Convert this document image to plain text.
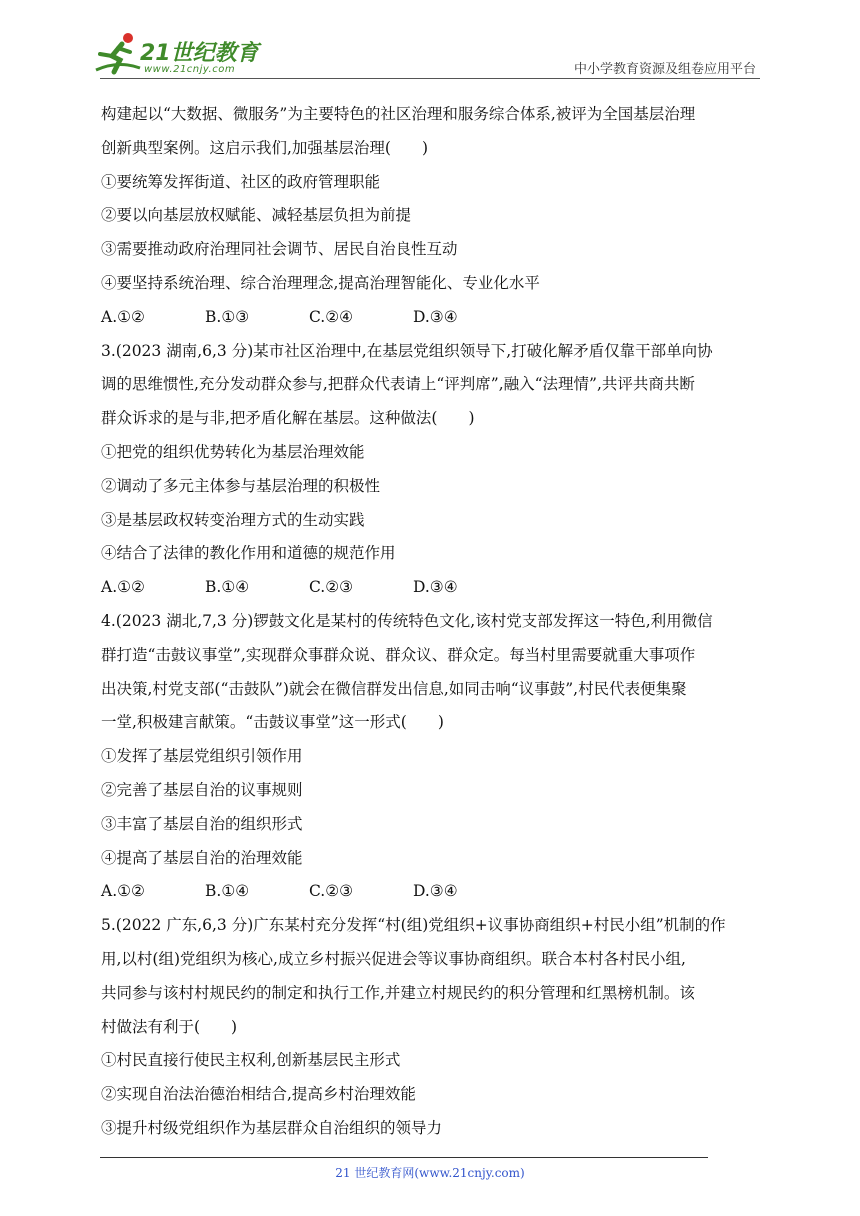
21世纪教育
www.21cnjy.com	中小学教育资源及组卷应用平台
构建起以“大数据、微服务”为主要特色的社区治理和服务综合体系,被评为全国基层治理
创新典型案例。这启示我们,加强基层治理(　　)
①要统筹发挥街道、社区的政府管理职能
②要以向基层放权赋能、减轻基层负担为前提
③需要推动政府治理同社会调节、居民自治良性互动
④要坚持系统治理、综合治理理念,提高治理智能化、专业化水平
A.①②	B.①③	C.②④	D.③④
3.(2023 湖南,6,3 分)某市社区治理中,在基层党组织领导下,打破化解矛盾仅靠干部单向协
调的思维惯性,充分发动群众参与,把群众代表请上“评判席”,融入“法理情”,共评共商共断
群众诉求的是与非,把矛盾化解在基层。这种做法(　　)
①把党的组织优势转化为基层治理效能
②调动了多元主体参与基层治理的积极性
③是基层政权转变治理方式的生动实践
④结合了法律的教化作用和道德的规范作用
A.①②	B.①④	C.②③	D.③④
4.(2023 湖北,7,3 分)锣鼓文化是某村的传统特色文化,该村党支部发挥这一特色,利用微信
群打造“击鼓议事堂”,实现群众事群众说、群众议、群众定。每当村里需要就重大事项作
出决策,村党支部(“击鼓队”)就会在微信群发出信息,如同击响“议事鼓”,村民代表便集聚
一堂,积极建言献策。“击鼓议事堂”这一形式(　　)
①发挥了基层党组织引领作用
②完善了基层自治的议事规则
③丰富了基层自治的组织形式
④提高了基层自治的治理效能
A.①②	B.①④	C.②③	D.③④
5.(2022 广东,6,3 分)广东某村充分发挥“村(组)党组织+议事协商组织+村民小组”机制的作
用,以村(组)党组织为核心,成立乡村振兴促进会等议事协商组织。联合本村各村民小组,
共同参与该村村规民约的制定和执行工作,并建立村规民约的积分管理和红黑榜机制。该
村做法有利于(　　)
①村民直接行使民主权利,创新基层民主形式
②实现自治法治德治相结合,提高乡村治理效能
③提升村级党组织作为基层群众自治组织的领导力
21 世纪教育网(www.21cnjy.com)
